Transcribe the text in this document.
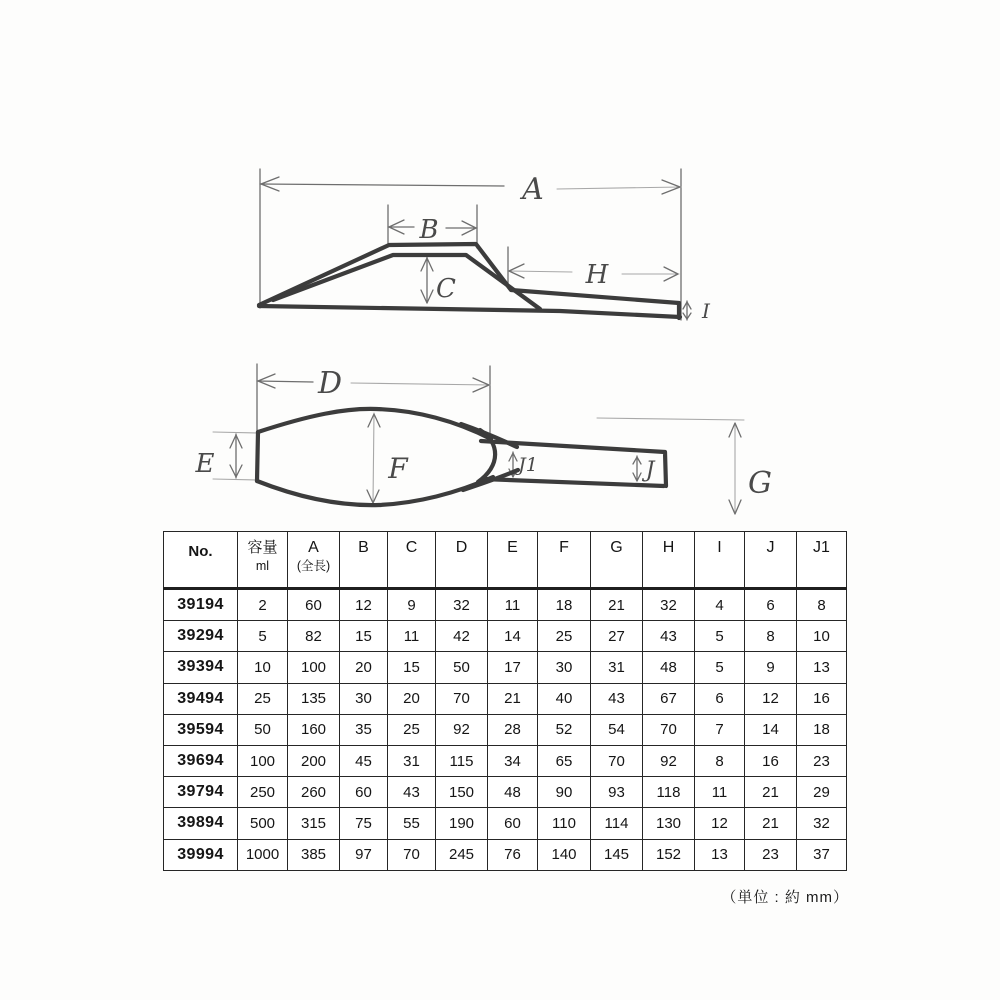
A
B
C	H
I
D
E	F	J1	J	G
No.	容量
ml

A
(全長)

B	C	D	E	F	G	H	I	J	J1

39194	2	60	12	9	32	11	18	21	32	4	6	8
39294	5	82	15	11	42	14	25	27	43	5	8	10
39394	10	100	20	15	50	17	30	31	48	5	9	13
39494	25	135	30	20	70	21	40	43	67	6	12	16
39594	50	160	35	25	92	28	52	54	70	7	14	18
39694	100	200	45	31	115	34	65	70	92	8	16	23
39794	250	260	60	43	150	48	90	93	118	11	21	29
39894	500	315	75	55	190	60	110	114	130	12	21	32
39994	1000	385	97	70	245	76	140	145	152	13	23	37
（単位 : 約 mm）
